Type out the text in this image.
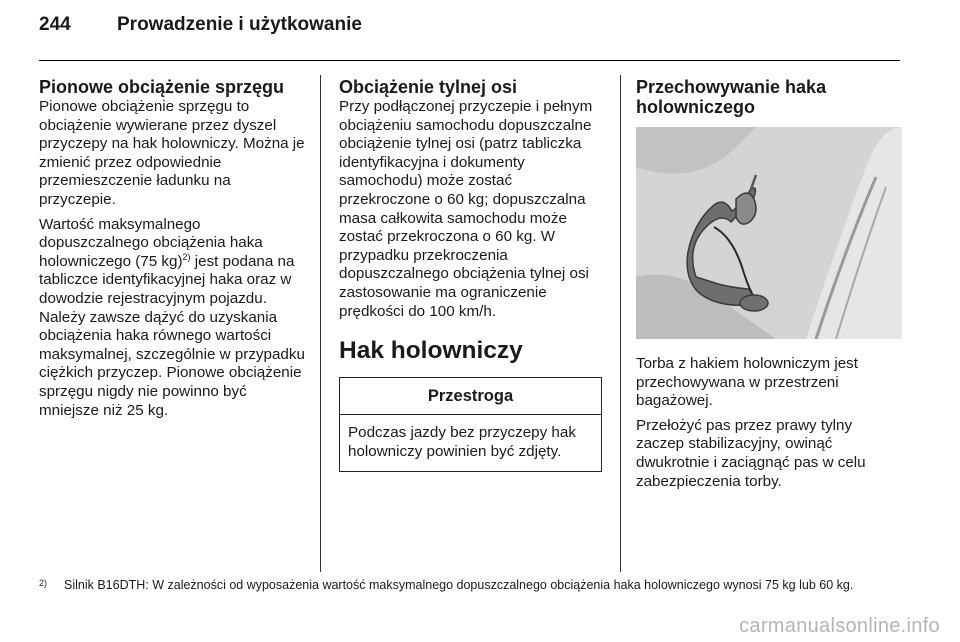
244 Prowadzenie i użytkowanie
Pionowe obciążenie sprzęgu

Pionowe obciążenie sprzęgu to obciążenie wywierane przez dyszel przyczepy na hak holowniczy. Można je zmienić przez odpowiednie przemieszczenie ładunku na przyczepie.

Wartość maksymalnego dopuszczalnego obciążenia haka holowniczego (75 kg)$^{2)}$ jest podana na tabliczce identyfikacyjnej haka oraz w dowodzie rejestracyjnym pojazdu. Należy zawsze dążyć do uzyskania obciążenia haka równego wartości maksymalnej, szczególnie w przypadku ciężkich przyczep. Pionowe obciążenie sprzęgu nigdy nie powinno być mniejsze niż 25 kg.

Obciążenie tylnej osi

Przy podłączonej przyczepie i pełnym obciążeniu samochodu dopuszczalne obciążenie tylnej osi (patrz tabliczka identyfikacyjna i dokumenty samochodu) może zostać przekroczone o 60 kg; dopuszczalna masa całkowita samochodu może zostać przekroczona o 60 kg. W przypadku przekroczenia dopuszczalnego obciążenia tylnej osi zastosowanie ma ograniczenie prędkości do 100 km/h.

Hak holowniczy
Przestroga
Podczas jazdy bez przyczepy hak holowniczy powinien być zdjęty.
Przechowywanie haka holowniczego

Torba z hakiem holowniczym jest przechowywana w przestrzeni bagażowej.

Przełożyć pas przez prawy tylny zaczep stabilizacyjny, owinąć dwukrotnie i zaciągnąć pas w celu zabezpieczenia torby.

2) Silnik B16DTH: W zależności od wyposażenia wartość maksymalnego dopuszczalnego obciążenia haka holowniczego wynosi 75 kg lub 60 kg.
carmanualsonline.info
